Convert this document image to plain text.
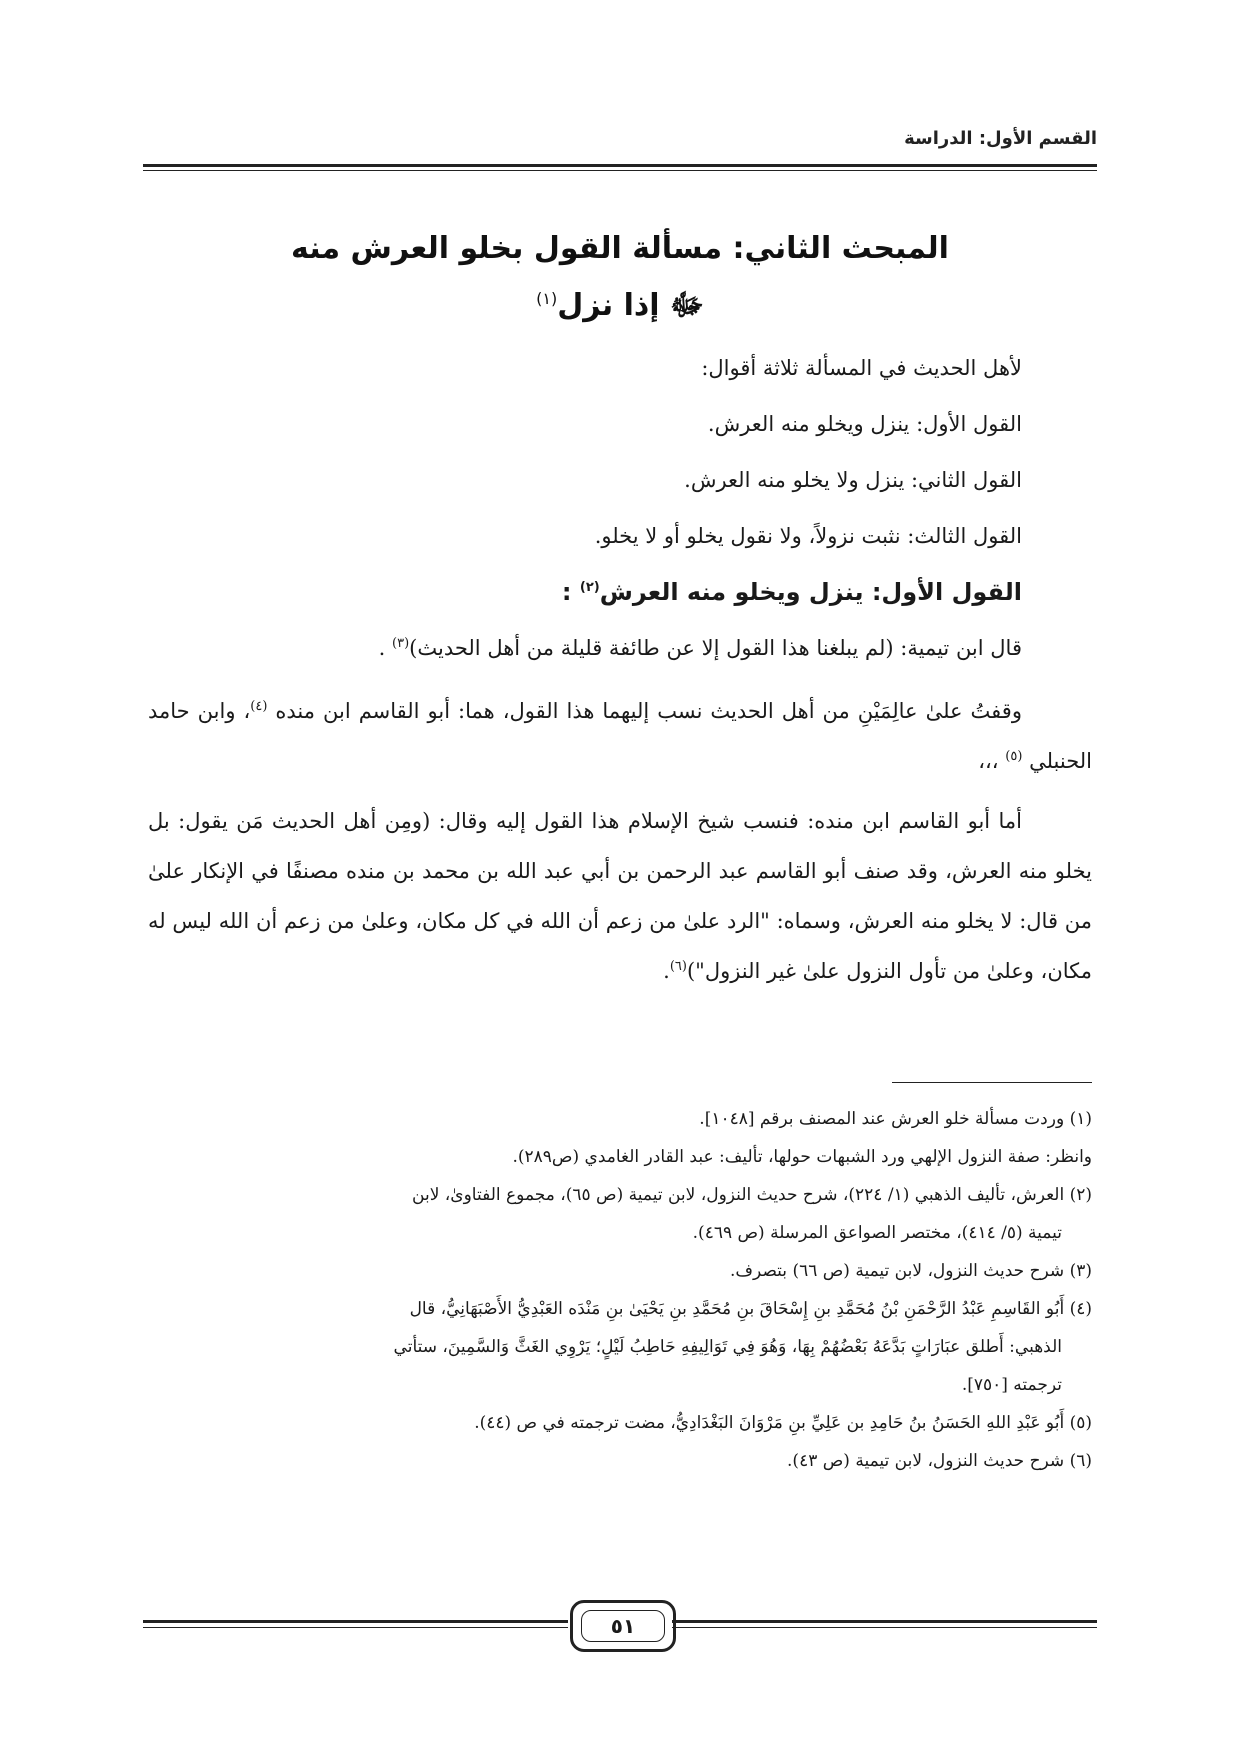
القسم الأول: الدراسة
المبحث الثاني: مسألة القول بخلو العرش منه
ﷻ إذا نزل$^{(١)}$

لأهل الحديث في المسألة ثلاثة أقوال:

القول الأول: ينزل ويخلو منه العرش.

القول الثاني: ينزل ولا يخلو منه العرش.

القول الثالث: نثبت نزولاً، ولا نقول يخلو أو لا يخلو.

القول الأول: ينزل ويخلو منه العرش$^{(٢)}$ :

قال ابن تيمية: (لم يبلغنا هذا القول إلا عن طائفة قليلة من أهل الحديث)$^{(٣)}$ .

وقفتُ علىٰ عالِمَيْنِ من أهل الحديث نسب إليهما هذا القول، هما: أبو القاسم ابن منده $^{(٤)}$، وابن حامد الحنبلي $^{(٥)}$ ،،،

أما أبو القاسم ابن منده: فنسب شيخ الإسلام هذا القول إليه وقال: (ومِن أهل الحديث مَن يقول: بل يخلو منه العرش، وقد صنف أبو القاسم عبد الرحمن بن أبي عبد الله بن محمد بن منده مصنفًا في الإنكار علىٰ من قال: لا يخلو منه العرش، وسماه: "الرد علىٰ من زعم أن الله في كل مكان، وعلىٰ من زعم أن الله ليس له مكان، وعلىٰ من تأول النزول علىٰ غير النزول")$^{(٦)}$.

(١) وردت مسألة خلو العرش عند المصنف برقم [١٠٤٨].

وانظر: صفة النزول الإلهي ورد الشبهات حولها، تأليف: عبد القادر الغامدي (ص٢٨٩).

(٢) العرش، تأليف الذهبي (١/ ٢٢٤)، شرح حديث النزول، لابن تيمية (ص ٦٥)، مجموع الفتاوىٰ، لابن

تيمية (٥/ ٤١٤)، مختصر الصواعق المرسلة (ص ٤٦٩).

(٣) شرح حديث النزول، لابن تيمية (ص ٦٦) بتصرف.

(٤) أَبُو القَاسِمِ عَبْدُ الرَّحْمَنِ بْنُ مُحَمَّدِ بنِ إِسْحَاقَ بنِ مُحَمَّدِ بنِ يَحْيَىٰ بنِ مَنْدَه العَبْدِيُّ الأَصْبَهَانِيُّ، قال

الذهبي: أَطلق عبَارَاتٍ بَدَّعَهُ بَعْضُهُمْ بِهَا، وَهُوَ فِي تَوَالِيفِهِ حَاطِبُ لَيْلٍ؛ يَرْوِي الغَثَّ وَالسَّمِينَ، ستأتي

ترجمته [٧٥٠].

(٥) أَبُو عَبْدِ اللهِ الحَسَنُ بنُ حَامِدِ بن عَلِيِّ بنِ مَرْوَانَ البَغْدَادِيُّ، مضت ترجمته في ص (٤٤).

(٦) شرح حديث النزول، لابن تيمية (ص ٤٣).

٥١
